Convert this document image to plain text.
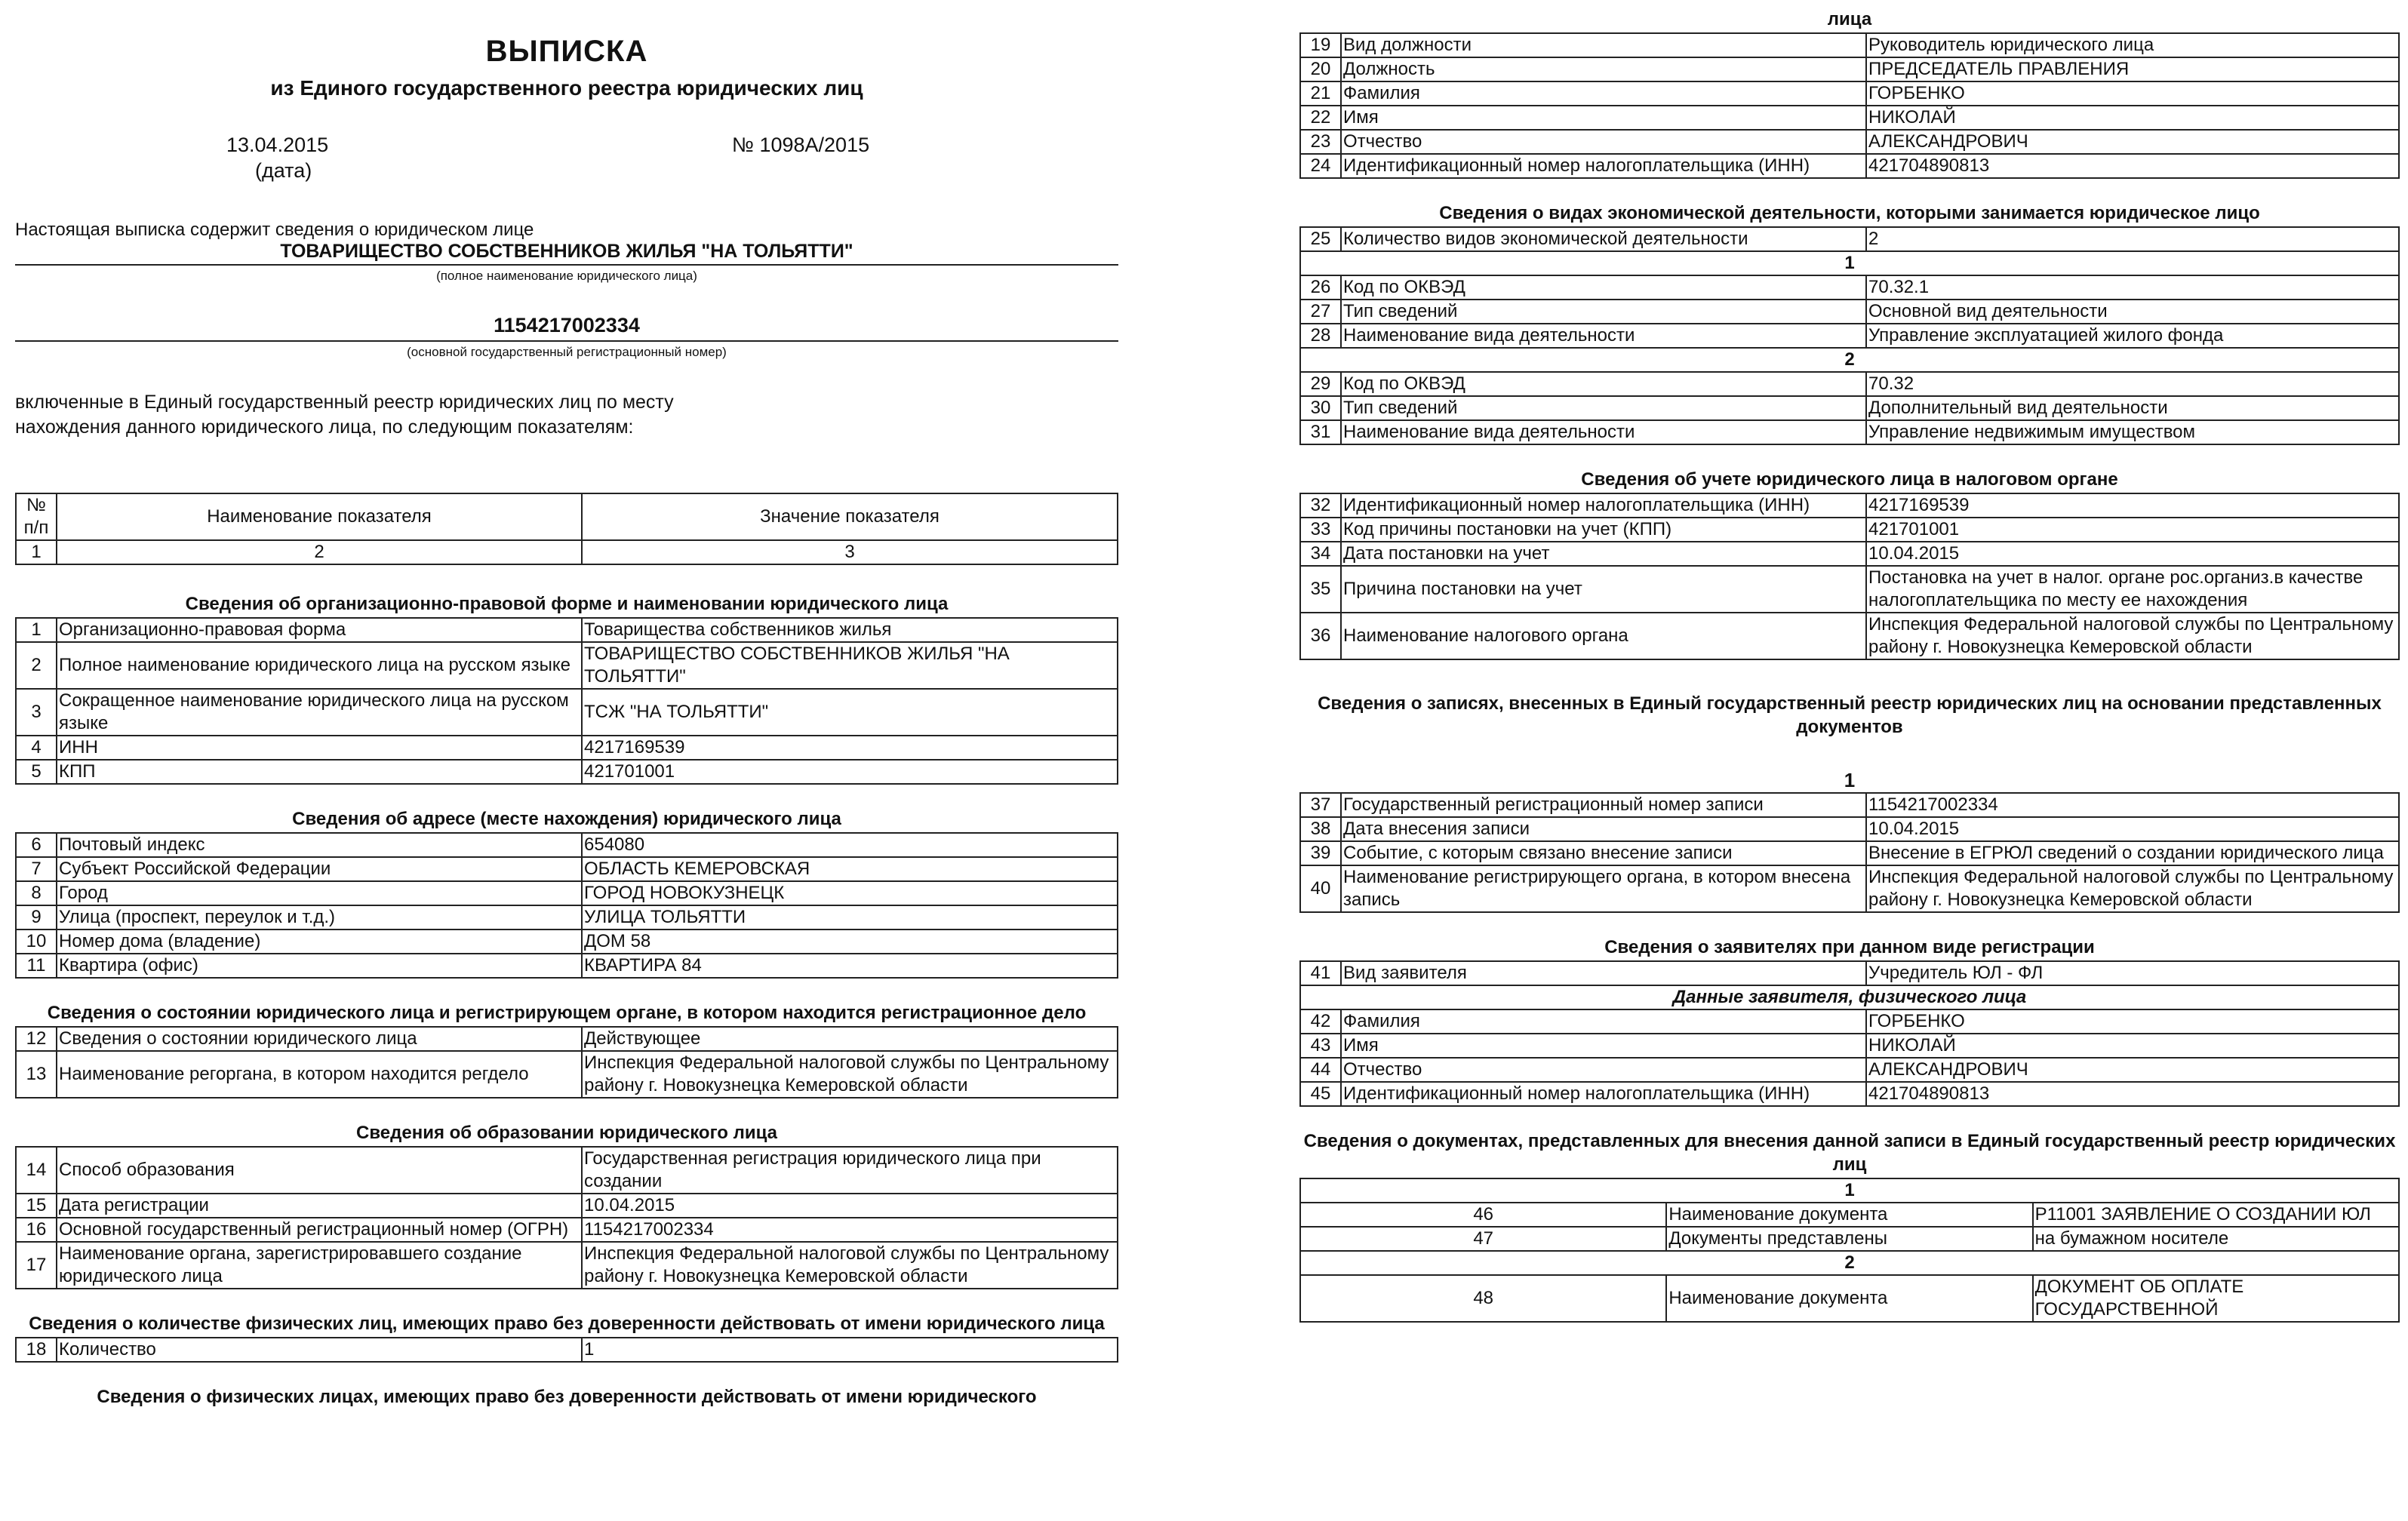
ВЫПИСКА
из Единого государственного реестра юридических лиц
13.04.2015
(дата)
№ 1098А/2015
Настоящая выписка содержит сведения о юридическом лице
ТОВАРИЩЕСТВО СОБСТВЕННИКОВ ЖИЛЬЯ "НА ТОЛЬЯТТИ"
(полное наименование юридического лица)
1154217002334
(основной государственный регистрационный номер)
включенные в Единый государственный реестр юридических лиц по месту
нахождения данного юридического лица, по следующим показателям:
№ п/п	Наименование показателя	Значение показателя
1	2	3
Сведения об организационно-правовой форме и наименовании юридического лица
1	Организационно-правовая форма	Товарищества собственников жилья
2	Полное наименование юридического лица на русском языке	ТОВАРИЩЕСТВО СОБСТВЕННИКОВ ЖИЛЬЯ "НА ТОЛЬЯТТИ"
3	Сокращенное наименование юридического лица на русском языке	ТСЖ "НА ТОЛЬЯТТИ"
4	ИНН	4217169539
5	КПП	421701001
Сведения об адресе (месте нахождения) юридического лица
6	Почтовый индекс	654080
7	Субъект Российской Федерации	ОБЛАСТЬ КЕМЕРОВСКАЯ
8	Город	ГОРОД НОВОКУЗНЕЦК
9	Улица (проспект, переулок и т.д.)	УЛИЦА ТОЛЬЯТТИ
10	Номер дома (владение)	ДОМ 58
11	Квартира (офис)	КВАРТИРА 84
Сведения о состоянии юридического лица и регистрирующем органе, в котором находится регистрационное дело
12	Сведения о состоянии юридического лица	Действующее
13	Наименование регоргана, в котором находится регдело	Инспекция Федеральной налоговой службы по Центральному району г. Новокузнецка Кемеровской области
Сведения об образовании юридического лица
14	Способ образования	Государственная регистрация юридического лица при создании
15	Дата регистрации	10.04.2015
16	Основной государственный регистрационный номер (ОГРН)	1154217002334
17	Наименование органа, зарегистрировавшего создание юридического лица	Инспекция Федеральной налоговой службы по Центральному району г. Новокузнецка Кемеровской области
Сведения о количестве физических лиц, имеющих право без доверенности действовать от имени юридического лица
18	Количество	1
Сведения о физических лицах, имеющих право без доверенности действовать от имени юридического
лица
19	Вид должности	Руководитель юридического лица
20	Должность	ПРЕДСЕДАТЕЛЬ ПРАВЛЕНИЯ
21	Фамилия	ГОРБЕНКО
22	Имя	НИКОЛАЙ
23	Отчество	АЛЕКСАНДРОВИЧ
24	Идентификационный номер налогоплательщика (ИНН)	421704890813
Сведения о видах экономической деятельности, которыми занимается юридическое лицо
25	Количество видов экономической деятельности	2
1		
26	Код по ОКВЭД	70.32.1
27	Тип сведений	Основной вид деятельности
28	Наименование вида деятельности	Управление эксплуатацией жилого фонда
2		
29	Код по ОКВЭД	70.32
30	Тип сведений	Дополнительный вид деятельности
31	Наименование вида деятельности	Управление недвижимым имуществом
Сведения об учете юридического лица в налоговом органе
32	Идентификационный номер налогоплательщика (ИНН)	4217169539
33	Код причины постановки на учет (КПП)	421701001
34	Дата постановки на учет	10.04.2015
35	Причина постановки на учет	Постановка на учет в налог. органе рос.организ.в качестве налогоплательщика по месту ее нахождения
36	Наименование налогового органа	Инспекция Федеральной налоговой службы по Центральному району г. Новокузнецка Кемеровской области
Сведения о записях, внесенных в Единый государственный реестр юридических лиц на основании представленных документов
1
37	Государственный регистрационный номер записи	1154217002334
38	Дата внесения записи	10.04.2015
39	Событие, с которым связано внесение записи	Внесение в ЕГРЮЛ сведений о создании юридического лица
40	Наименование регистрирующего органа, в котором внесена запись	Инспекция Федеральной налоговой службы по Центральному району г. Новокузнецка Кемеровской области
Сведения о заявителях при данном виде регистрации
41	Вид заявителя	Учредитель ЮЛ - ФЛ
Данные заявителя, физического лица		
42	Фамилия	ГОРБЕНКО
43	Имя	НИКОЛАЙ
44	Отчество	АЛЕКСАНДРОВИЧ
45	Идентификационный номер налогоплательщика (ИНН)	421704890813
Сведения о документах, представленных для внесения данной записи в Единый государственный реестр юридических лиц
1		
46	Наименование документа	Р11001 ЗАЯВЛЕНИЕ О СОЗДАНИИ ЮЛ
47	Документы представлены	на бумажном носителе
2		
48	Наименование документа	ДОКУМЕНТ ОБ ОПЛАТЕ ГОСУДАРСТВЕННОЙ
